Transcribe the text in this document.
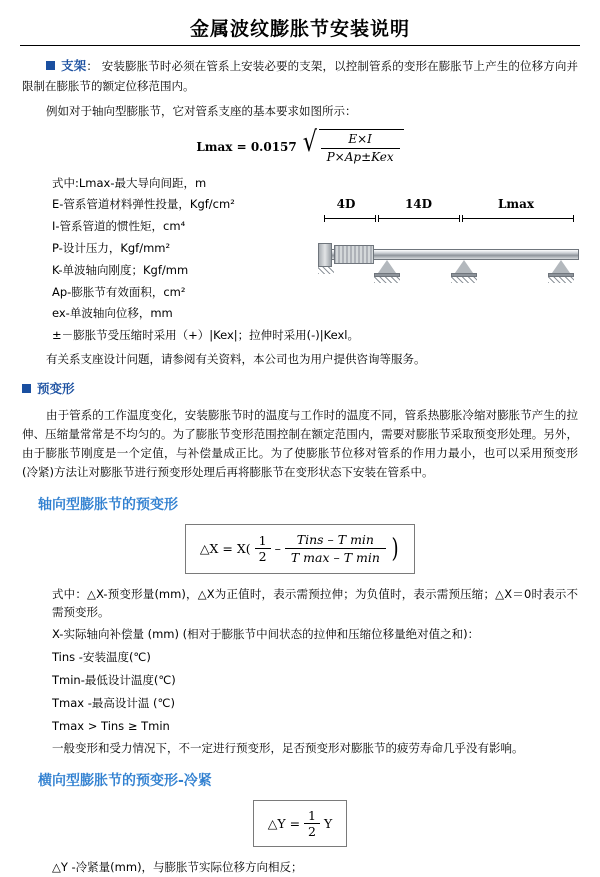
金属波纹膨胀节安装说明

支架： 安装膨胀节时必须在管系上安装必要的支架，以控制管系的变形在膨胀节上产生的位移方向并限制在膨胀节的额定位移范围内。

例如对于轴向型膨胀节，它对管系支座的基本要求如图所示：

Lmax = 0.0157 √ $\frac{E\times I}{\text{P×Ap±Kex}}$

式中:Lmax-最大导向间距，m

E-管系管道材料弹性投量，Kgf/cm²

I-管系管道的惯性矩，cm⁴

P-设计压力，Kgf/mm²

K-单波轴向刚度；Kgf/mm

Ap-膨胀节有效面积，cm²

ex-单波轴向位移，mm

4D	14D	Lmax

±－膨胀节受压缩时采用（+）|Kex|；拉伸时采用(-)|Kexl。

有关系支座设计问题，请参阅有关资料，本公司也为用户提供咨询等服务。

预变形

由于管系的工作温度变化，安装膨胀节时的温度与工作时的温度不同，管系热膨胀冷缩对膨胀节产生的拉伸、压缩量常常是不均匀的。为了膨胀节变形范围控制在额定范围内，需要对膨胀节采取预变形处理。另外，由于膨胀节刚度是一个定值，与补偿量成正比。为了使膨胀节位移对管系的作用力最小，也可以采用预变形(冷紧)方法让对膨胀节进行预变形处理后再将膨胀节在变形状态下安装在管系中。

轴向型膨胀节的预变形
△X = $X( \frac{1}{2} - \frac{\text{Tins – T min}}{\text{T max – T min}}$ )

式中：△X-预变形量(mm)，△X为正值时，表示需预拉伸；为负值时，表示需预压缩；△X＝0时表示不需预变形。

X-实际轴向补偿量 (mm) (相对于膨胀节中间状态的拉伸和压缩位移量绝对值之和)：

Tins -安装温度(℃)

Tmin-最低设计温度(℃)

Tmax -最高设计温 (℃)

Tmax > Tins ≥ Tmin

一般变形和受力情况下，不一定进行预变形，足否预变形对膨胀节的疲劳寿命几乎没有影响。

横向型膨胀节的预变形-冷紧
△Y = $\frac{1}{2}$ Y

△Y -冷紧量(mm)，与膨胀节实际位移方向相反；
